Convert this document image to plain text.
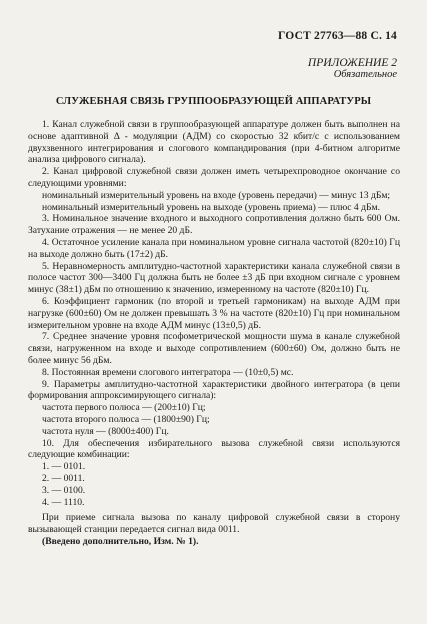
ГОСТ 27763—88 С. 14
ПРИЛОЖЕНИЕ 2
Обязательное
СЛУЖЕБНАЯ СВЯЗЬ ГРУППООБРАЗУЮЩЕЙ АППАРАТУРЫ

1. Канал служебной связи в группообразующей аппаратуре должен быть выполнен на основе адаптивной Δ - модуляции (АДМ) со скоростью 32 кбит/с с использованием двухзвенного интегрирования и слогового компандирования (при 4-битном алгоритме анализа цифрового сигнала).

2. Канал цифровой служебной связи должен иметь четырехпроводное окончание со следующими уровнями:

номинальный измерительный уровень на входе (уровень передачи) — минус 13 дБм;

номинальный измерительный уровень на выходе (уровень приема) — плюс 4 дБм.

3. Номинальное значение входного и выходного сопротивления должно быть 600 Ом. Затухание отражения — не менее 20 дБ.

4. Остаточное усиление канала при номинальном уровне сигнала частотой (820±10) Гц на выходе должно быть (17±2) дБ.

5. Неравномерность амплитудно-частотной характеристики канала служебной связи в полосе частот 300—3400 Гц должна быть не более ±3 дБ при входном сигнале с уровнем минус (38±1) дБм по отношению к значению, измеренному на частоте (820±10) Гц.

6. Коэффициент гармоник (по второй и третьей гармоникам) на выходе АДМ при нагрузке (600±60) Ом не должен превышать 3 % на частоте (820±10) Гц при номинальном измерительном уровне на входе АДМ минус (13±0,5) дБ.

7. Среднее значение уровня псофометрической мощности шума в канале служебной связи, нагруженном на входе и выходе сопротивлением (600±60) Ом, должно быть не более минус 56 дБм.

8. Постоянная времени слогового интегратора — (10±0,5) мс.

9. Параметры амплитудно-частотной характеристики двойного интегратора (в цепи формирования аппроксимирующего сигнала):

частота первого полюса — (200±10) Гц;

частота второго полюса — (1800±90) Гц;

частота нуля — (8000±400) Гц.

10. Для обеспечения избирательного вызова служебной связи используются следующие комбинации:

1. — 0101.

2. — 0011.

3. — 0100.

4. — 1110.

При приеме сигнала вызова по каналу цифровой служебной связи в сторону вызывающей станции передается сигнал вида 0011.

(Введено дополнительно, Изм. № 1).
